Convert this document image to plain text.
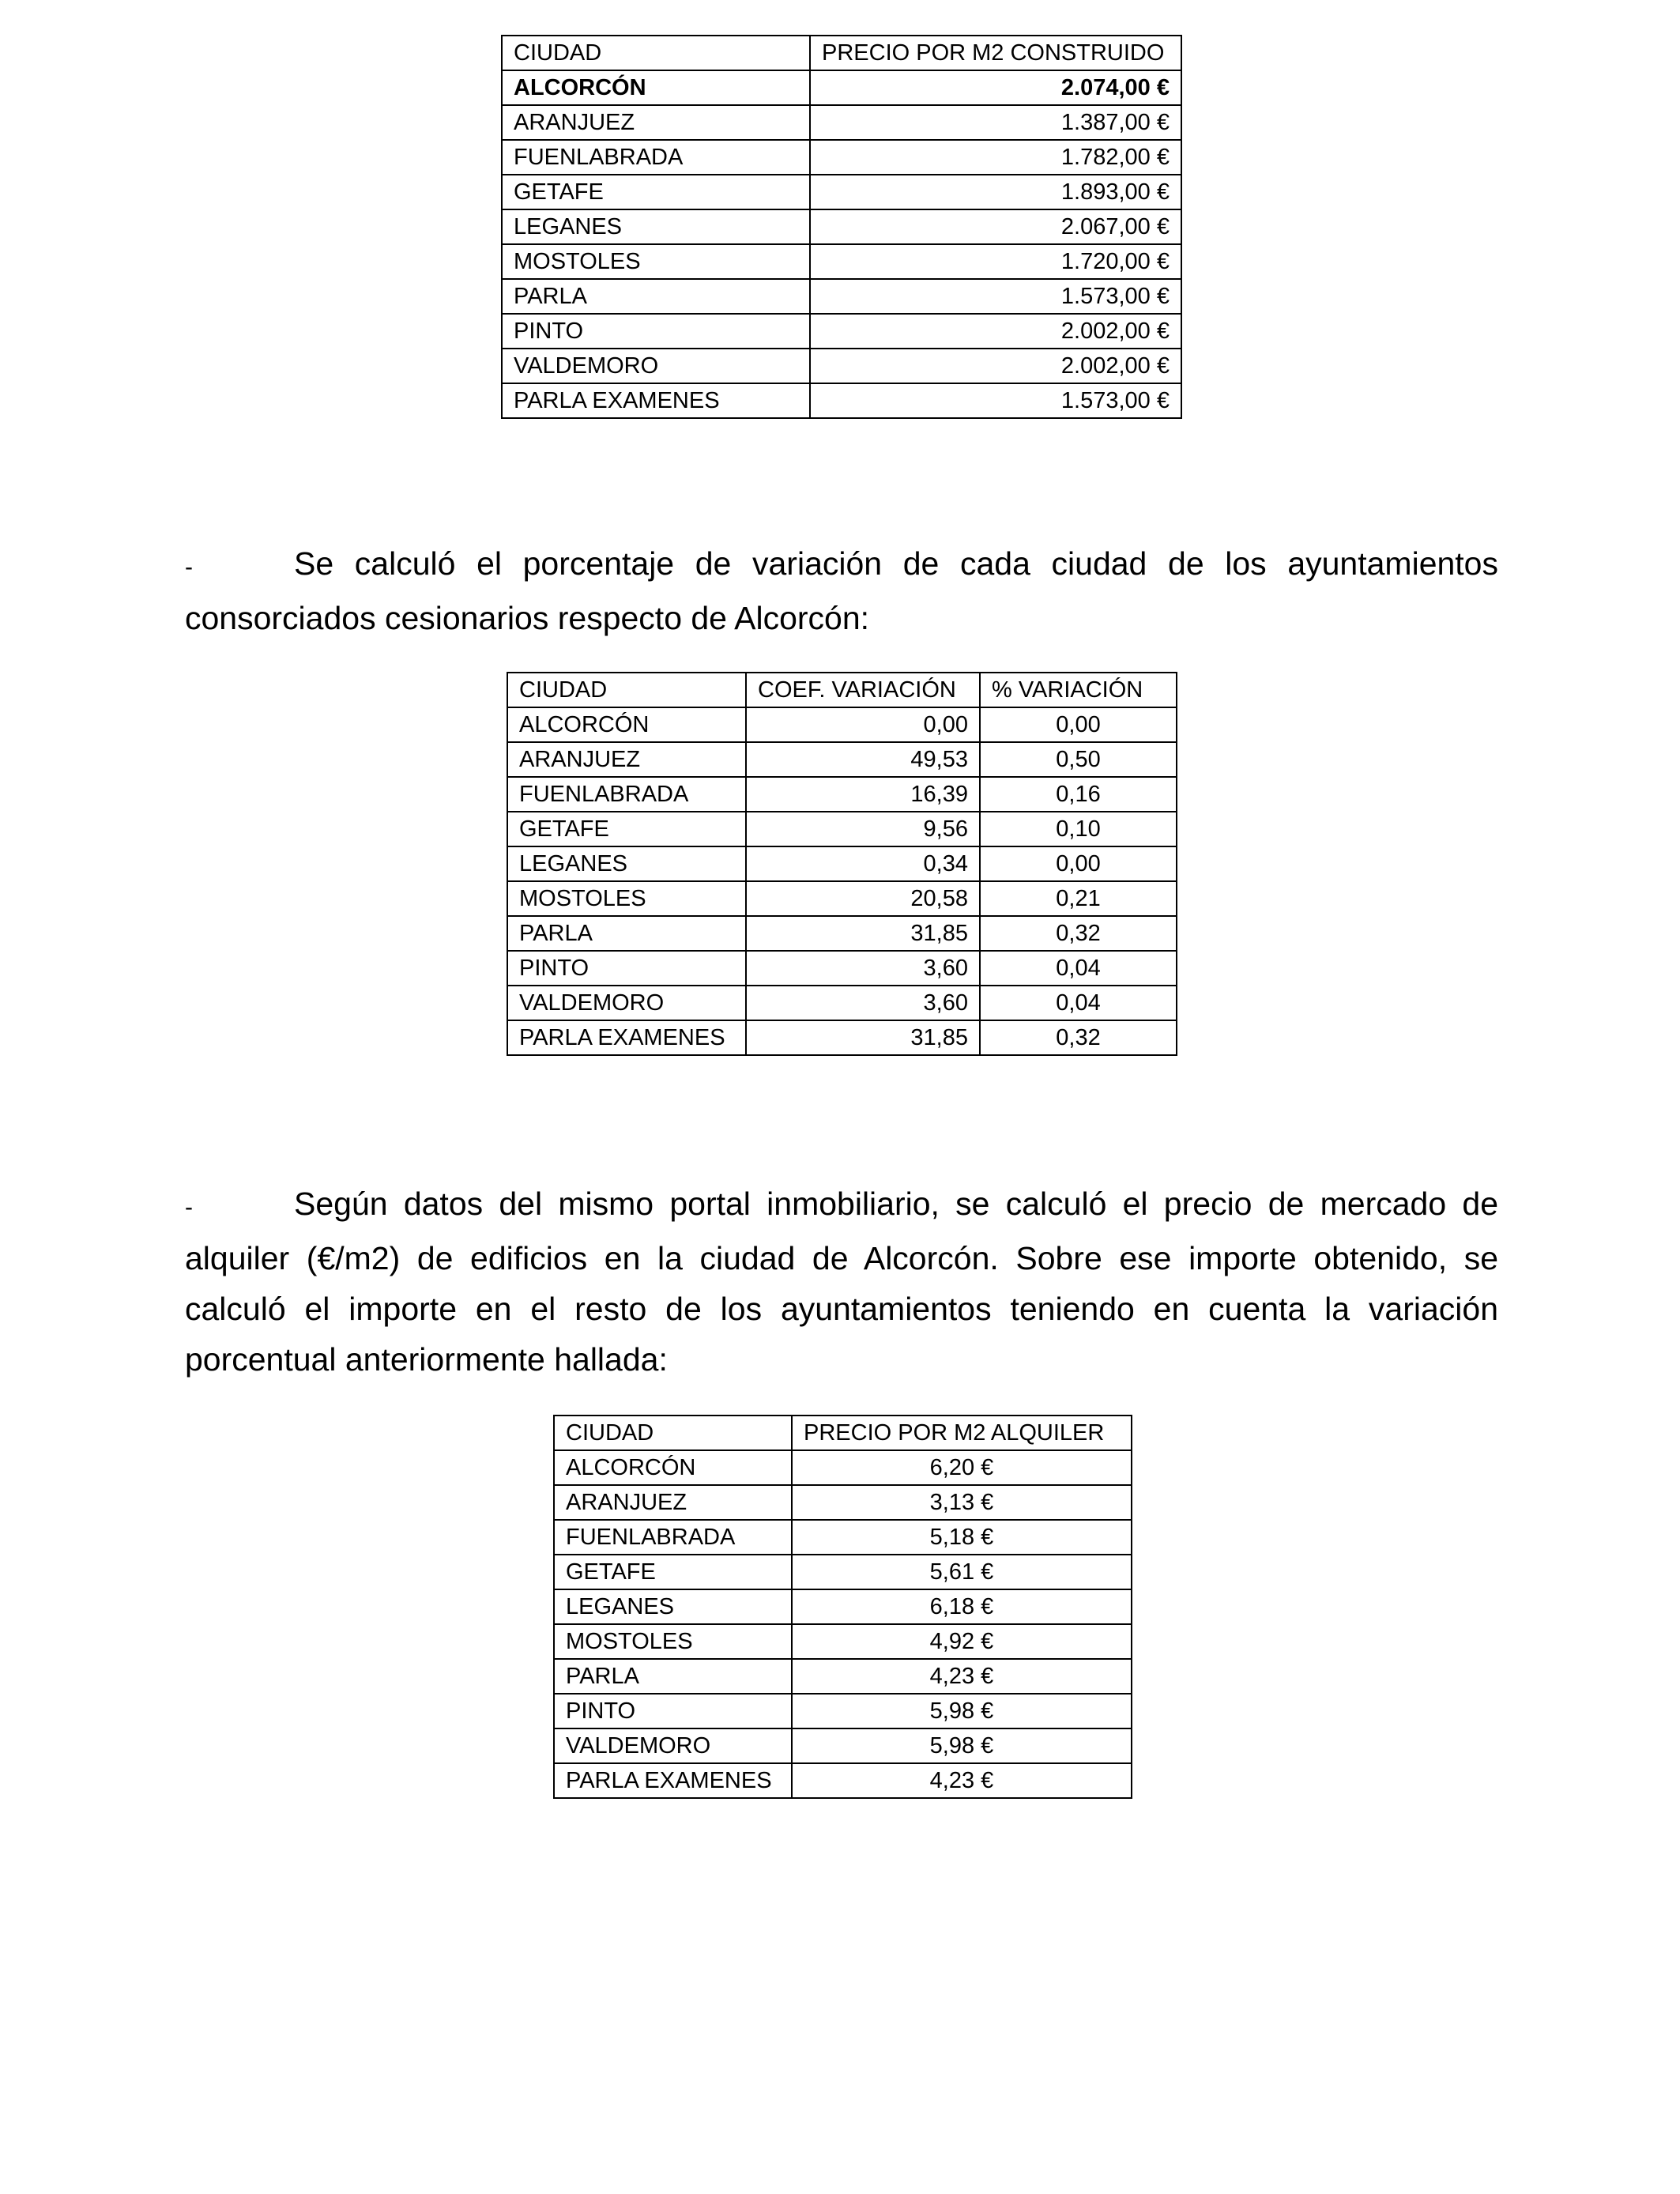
CIUDAD	PRECIO POR M2 CONSTRUIDO
ALCORCÓN	2.074,00 €
ARANJUEZ	1.387,00 €
FUENLABRADA	1.782,00 €
GETAFE	1.893,00 €
LEGANES	2.067,00 €
MOSTOLES	1.720,00 €
PARLA	1.573,00 €
PINTO	2.002,00 €
VALDEMORO	2.002,00 €
PARLA EXAMENES	1.573,00 €

-	Se calculó el porcentaje de variación de cada ciudad de los ayuntamientos consorciados cesionarios respecto de Alcorcón:

CIUDAD	COEF. VARIACIÓN	% VARIACIÓN
ALCORCÓN	0,00	0,00
ARANJUEZ	49,53	0,50
FUENLABRADA	16,39	0,16
GETAFE	9,56	0,10
LEGANES	0,34	0,00
MOSTOLES	20,58	0,21
PARLA	31,85	0,32
PINTO	3,60	0,04
VALDEMORO	3,60	0,04
PARLA EXAMENES	31,85	0,32

-	Según datos del mismo portal inmobiliario, se calculó el precio de mercado de alquiler (€/m2) de edificios en la ciudad de Alcorcón. Sobre ese importe obtenido, se calculó el importe en el resto de los ayuntamientos teniendo en cuenta la variación porcentual anteriormente hallada:

CIUDAD	PRECIO POR M2 ALQUILER
ALCORCÓN	6,20 €
ARANJUEZ	3,13 €
FUENLABRADA	5,18 €
GETAFE	5,61 €
LEGANES	6,18 €
MOSTOLES	4,92 €
PARLA	4,23 €
PINTO	5,98 €
VALDEMORO	5,98 €
PARLA EXAMENES	4,23 €
